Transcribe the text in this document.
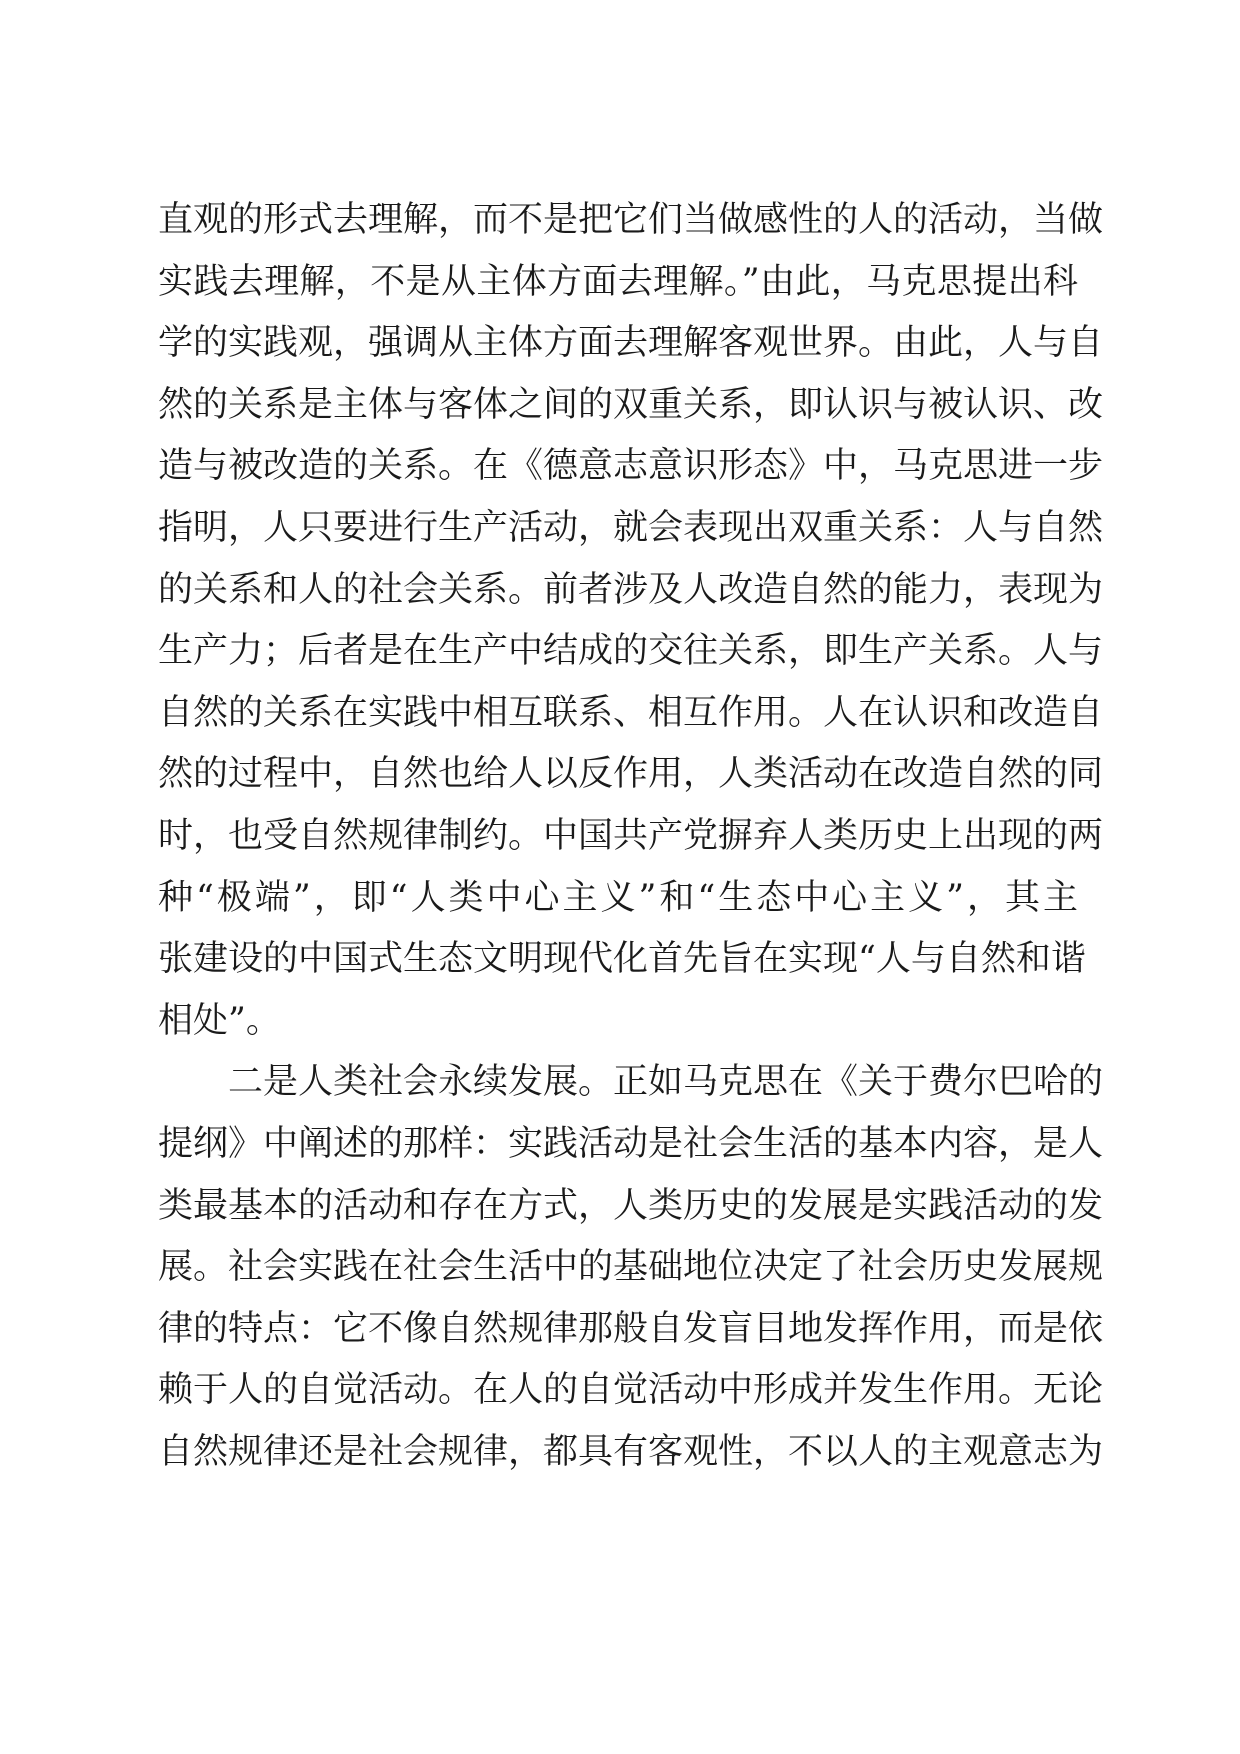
直观的形式去理解，而不是把它们当做感性的人的活动，当做
实践去理解，不是从主体方面去理解。”由此，马克思提出科
学的实践观，强调从主体方面去理解客观世界。由此，人与自
然的关系是主体与客体之间的双重关系，即认识与被认识、改
造与被改造的关系。在《德意志意识形态》中，马克思进一步
指明，人只要进行生产活动，就会表现出双重关系：人与自然
的关系和人的社会关系。前者涉及人改造自然的能力，表现为
生产力；后者是在生产中结成的交往关系，即生产关系。人与
自然的关系在实践中相互联系、相互作用。人在认识和改造自
然的过程中，自然也给人以反作用，人类活动在改造自然的同
时，也受自然规律制约。中国共产党摒弃人类历史上出现的两
种“极端”，即“人类中心主义”和“生态中心主义”，其主
张建设的中国式生态文明现代化首先旨在实现“人与自然和谐
相处”。
　　二是人类社会永续发展。正如马克思在《关于费尔巴哈的
提纲》中阐述的那样：实践活动是社会生活的基本内容，是人
类最基本的活动和存在方式，人类历史的发展是实践活动的发
展。社会实践在社会生活中的基础地位决定了社会历史发展规
律的特点：它不像自然规律那般自发盲目地发挥作用，而是依
赖于人的自觉活动。在人的自觉活动中形成并发生作用。无论
自然规律还是社会规律，都具有客观性，不以人的主观意志为
